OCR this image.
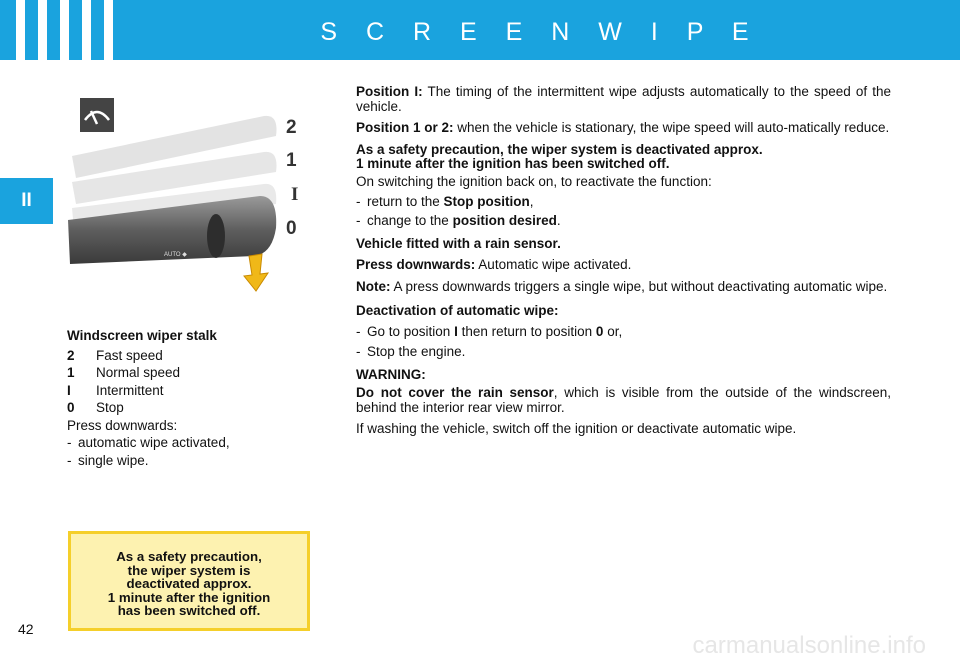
S C R E E N W I P E
II
2
1
I
0
AUTO ◆
Windscreen wiper stalk
2	Fast speed
1	Normal speed
I	Intermittent
0	Stop
Press downwards:
- automatic wipe activated,
- single wipe.
As a safety precaution,
the wiper system is
deactivated approx.
1 minute after the ignition
has been switched off.
42

Position I: The timing of the intermittent wipe adjusts automatically to the speed of the vehicle.

Position 1 or 2: when the vehicle is stationary, the wipe speed will auto-matically reduce.

As a safety precaution, the wiper system is deactivated approx.
1 minute after the ignition has been switched off.

On switching the ignition back on, to reactivate the function:

- return to the Stop position,
- change to the position desired.

Vehicle fitted with a rain sensor.

Press downwards: Automatic wipe activated.

Note: A press downwards triggers a single wipe, but without deactivating automatic wipe.

Deactivation of automatic wipe:

- Go to position I then return to position 0 or,
- Stop the engine.

WARNING:

Do not cover the rain sensor, which is visible from the outside of the windscreen, behind the interior rear view mirror.

If washing the vehicle, switch off the ignition or deactivate automatic wipe.

carmanualsonline.info
